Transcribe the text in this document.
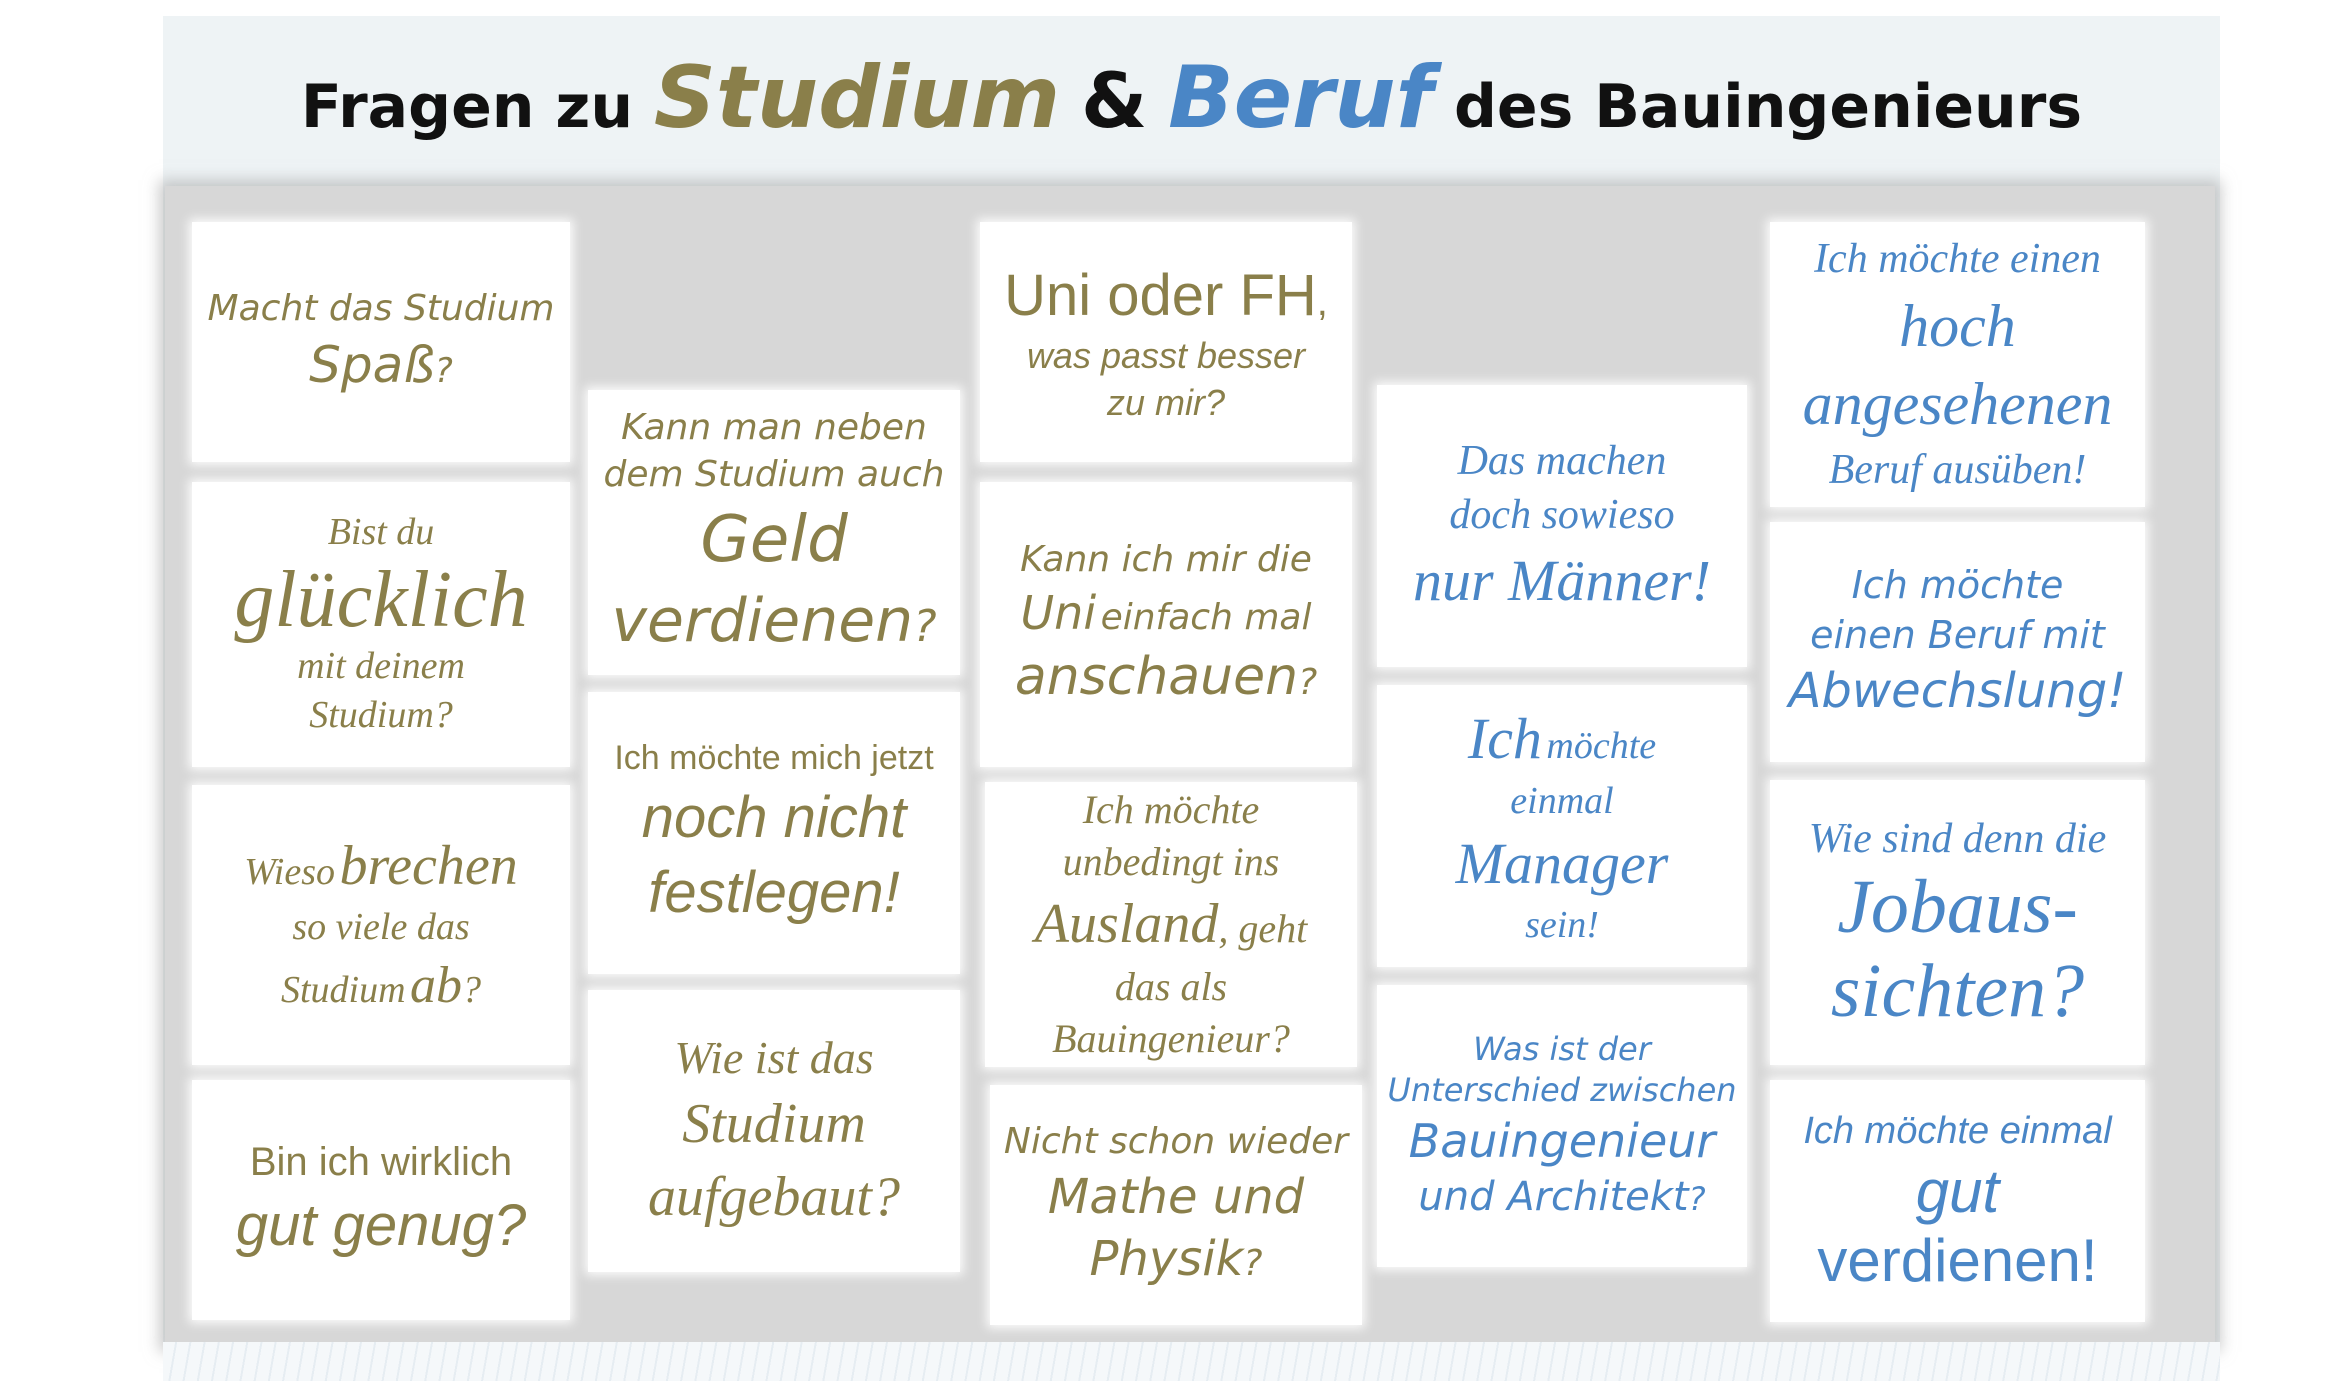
Fragen zu Studium & Beruf des Bauingenieurs
Macht das Studium
Spaß?
Bist du
glücklich
mit deinem
Studium?
Wieso brechen
so viele das
Studium ab?
Bin ich wirklich
gut genug?
Kann man neben
dem Studium auch
Geld
verdienen?
Ich möchte mich jetzt
noch nicht
festlegen!
Wie ist das
Studium
aufgebaut?
Uni oder FH,
was passt besser
zu mir?
Kann ich mir die
Uni einfach mal
anschauen?
Ich möchte
unbedingt ins
Ausland, geht
das als
Bauingenieur?
Nicht schon wieder
Mathe und
Physik?
Das machen
doch sowieso
nur Männer!
Ich möchte
einmal
Manager
sein!
Was ist der
Unterschied zwischen
Bauingenieur
und Architekt?
Ich möchte einen
hoch
angesehenen
Beruf ausüben!
Ich möchte
einen Beruf mit
Abwechslung!
Wie sind denn die
Jobaus-
sichten?
Ich möchte einmal
gut
verdienen!
